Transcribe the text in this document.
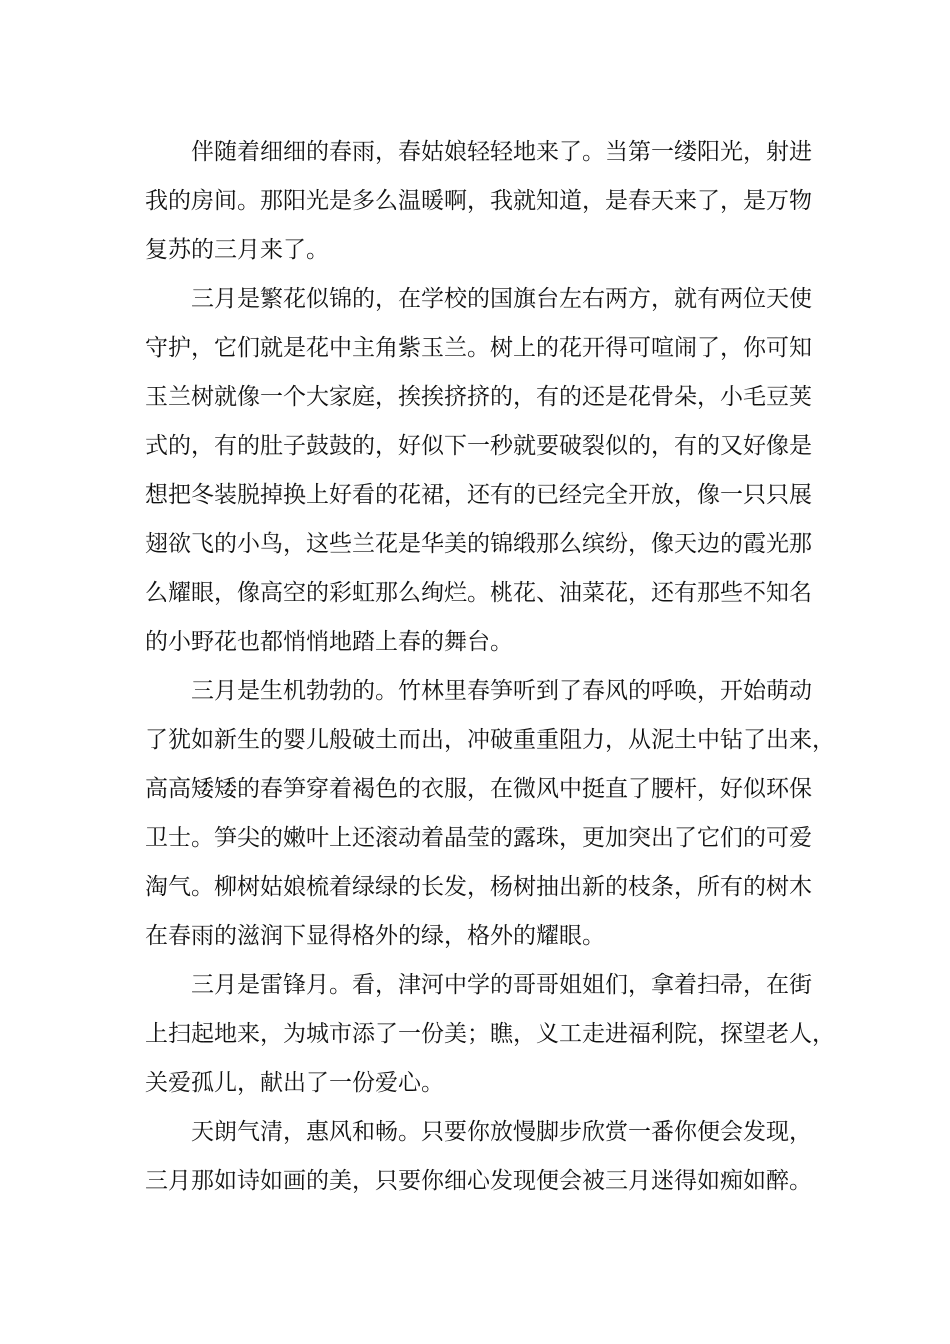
伴随着细细的春雨，春姑娘轻轻地来了。当第一缕阳光，射进
我的房间。那阳光是多么温暖啊，我就知道，是春天来了，是万物
复苏的三月来了。
三月是繁花似锦的，在学校的国旗台左右两方，就有两位天使
守护，它们就是花中主角紫玉兰。树上的花开得可喧闹了，你可知
玉兰树就像一个大家庭，挨挨挤挤的，有的还是花骨朵，小毛豆荚
式的，有的肚子鼓鼓的，好似下一秒就要破裂似的，有的又好像是
想把冬装脱掉换上好看的花裙，还有的已经完全开放，像一只只展
翅欲飞的小鸟，这些兰花是华美的锦缎那么缤纷，像天边的霞光那
么耀眼，像高空的彩虹那么绚烂。桃花、油菜花，还有那些不知名
的小野花也都悄悄地踏上春的舞台。
三月是生机勃勃的。竹林里春笋听到了春风的呼唤，开始萌动
了犹如新生的婴儿般破土而出，冲破重重阻力，从泥土中钻了出来，
高高矮矮的春笋穿着褐色的衣服，在微风中挺直了腰杆，好似环保
卫士。笋尖的嫩叶上还滚动着晶莹的露珠，更加突出了它们的可爱
淘气。柳树姑娘梳着绿绿的长发，杨树抽出新的枝条，所有的树木
在春雨的滋润下显得格外的绿，格外的耀眼。
三月是雷锋月。看，津河中学的哥哥姐姐们，拿着扫帚，在街
上扫起地来，为城市添了一份美；瞧，义工走进福利院，探望老人，
关爱孤儿，献出了一份爱心。
天朗气清，惠风和畅。只要你放慢脚步欣赏一番你便会发现，
三月那如诗如画的美，只要你细心发现便会被三月迷得如痴如醉。
